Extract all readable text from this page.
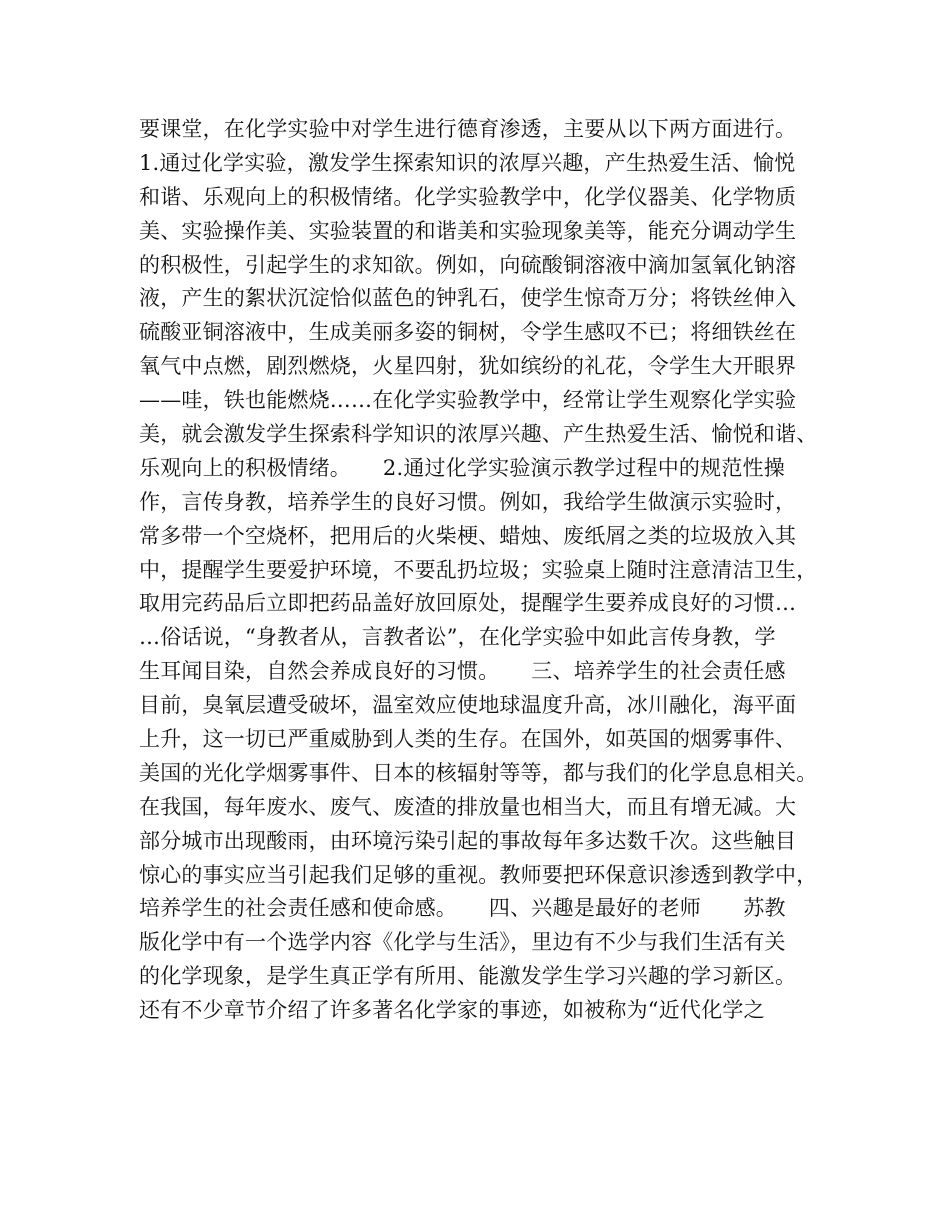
要课堂，在化学实验中对学生进行德育渗透，主要从以下两方面进行。
1.通过化学实验，激发学生探索知识的浓厚兴趣，产生热爱生活、愉悦
和谐、乐观向上的积极情绪。化学实验教学中，化学仪器美、化学物质
美、实验操作美、实验装置的和谐美和实验现象美等，能充分调动学生
的积极性，引起学生的求知欲。例如，向硫酸铜溶液中滴加氢氧化钠溶
液，产生的絮状沉淀恰似蓝色的钟乳石，使学生惊奇万分；将铁丝伸入
硫酸亚铜溶液中，生成美丽多姿的铜树，令学生感叹不已；将细铁丝在
氧气中点燃，剧烈燃烧，火星四射，犹如缤纷的礼花，令学生大开眼界
——哇，铁也能燃烧……在化学实验教学中，经常让学生观察化学实验
美，就会激发学生探索科学知识的浓厚兴趣、产生热爱生活、愉悦和谐、
乐观向上的积极情绪。　　2.通过化学实验演示教学过程中的规范性操
作，言传身教，培养学生的良好习惯。例如，我给学生做演示实验时，
常多带一个空烧杯，把用后的火柴梗、蜡烛、废纸屑之类的垃圾放入其
中，提醒学生要爱护环境，不要乱扔垃圾；实验桌上随时注意清洁卫生，
取用完药品后立即把药品盖好放回原处，提醒学生要养成良好的习惯…
…俗话说，“身教者从，言教者讼”，在化学实验中如此言传身教，学
生耳闻目染，自然会养成良好的习惯。　　三、培养学生的社会责任感
目前，臭氧层遭受破坏，温室效应使地球温度升高，冰川融化，海平面
上升，这一切已严重威胁到人类的生存。在国外，如英国的烟雾事件、
美国的光化学烟雾事件、日本的核辐射等等，都与我们的化学息息相关。
在我国，每年废水、废气、废渣的排放量也相当大，而且有增无减。大
部分城市出现酸雨，由环境污染引起的事故每年多达数千次。这些触目
惊心的事实应当引起我们足够的重视。教师要把环保意识渗透到教学中，
培养学生的社会责任感和使命感。　　四、兴趣是最好的老师　　苏教
版化学中有一个选学内容《化学与生活》，里边有不少与我们生活有关
的化学现象，是学生真正学有所用、能激发学生学习兴趣的学习新区。
还有不少章节介绍了许多著名化学家的事迹，如被称为“近代化学之
